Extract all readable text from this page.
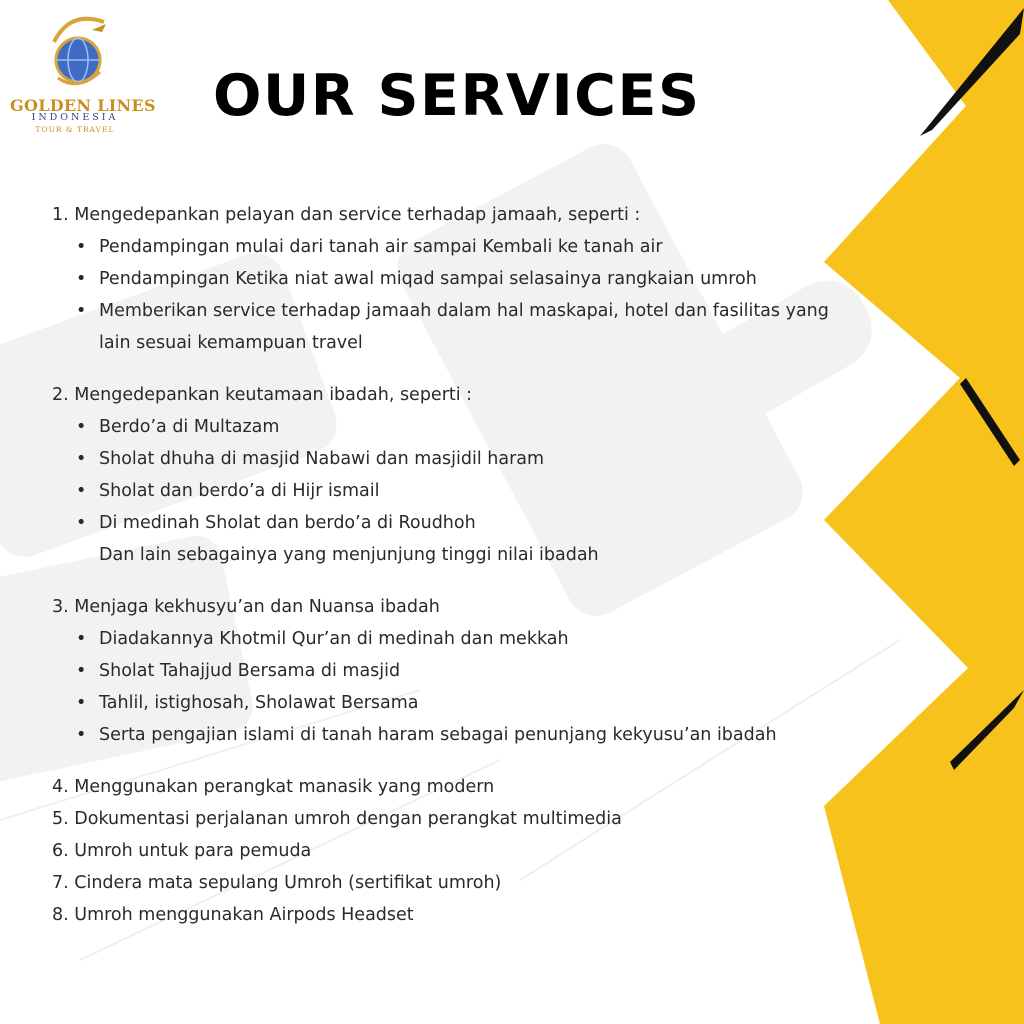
GOLDEN LINES
INDONESIA
TOUR & TRAVEL
OUR SERVICES
1. Mengedepankan pelayan dan service terhadap jamaah, seperti :
• Pendampingan mulai dari tanah air sampai Kembali ke tanah air
• Pendampingan Ketika niat awal miqad sampai selasainya rangkaian umroh
• Memberikan service terhadap jamaah dalam hal maskapai, hotel dan fasilitas yang
lain sesuai kemampuan travel
2. Mengedepankan keutamaan ibadah, seperti :
• Berdo’a di Multazam
• Sholat dhuha di masjid Nabawi dan masjidil haram
• Sholat dan berdo’a di Hijr ismail
• Di medinah Sholat dan berdo’a di Roudhoh
Dan lain sebagainya yang menjunjung tinggi nilai ibadah
3. Menjaga kekhusyu’an dan Nuansa ibadah
• Diadakannya Khotmil Qur’an di medinah dan mekkah
• Sholat Tahajjud Bersama di masjid
• Tahlil, istighosah, Sholawat Bersama
• Serta pengajian islami di tanah haram sebagai penunjang kekyusu’an ibadah
4. Menggunakan perangkat manasik yang modern
5. Dokumentasi perjalanan umroh dengan perangkat multimedia
6. Umroh untuk para pemuda
7. Cindera mata sepulang Umroh (sertifikat umroh)
8. Umroh menggunakan Airpods Headset
